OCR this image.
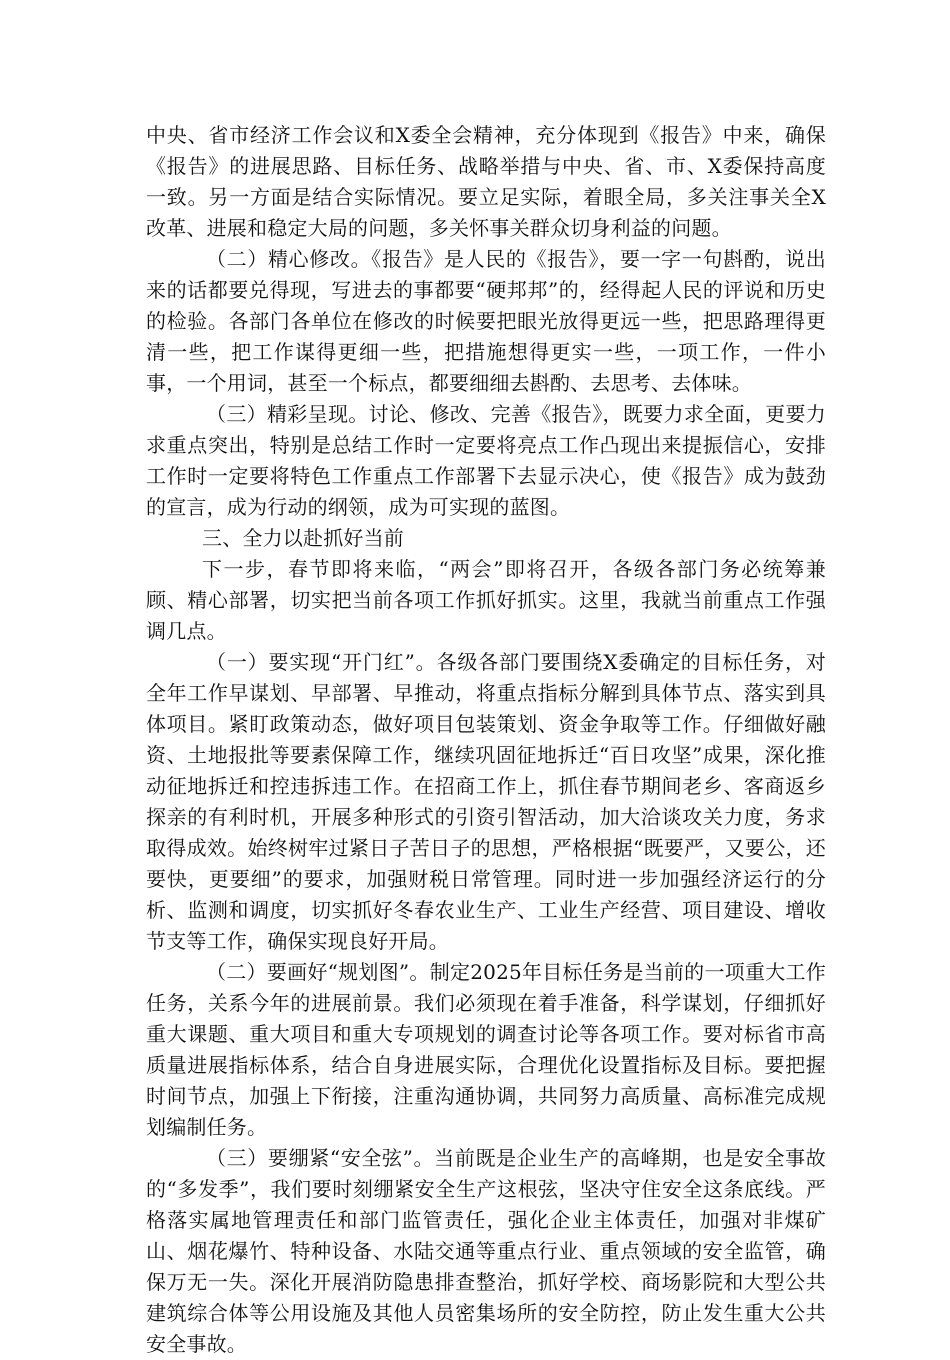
中央、省市经济工作会议和X委全会精神，充分体现到《报告》中来，确保《报告》的进展思路、目标任务、战略举措与中央、省、市、X委保持高度一致。另一方面是结合实际情况。要立足实际，着眼全局，多关注事关全X改革、进展和稳定大局的问题，多关怀事关群众切身利益的问题。

（二）精心修改。《报告》是人民的《报告》，要一字一句斟酌，说出来的话都要兑得现，写进去的事都要“硬邦邦”的，经得起人民的评说和历史的检验。各部门各单位在修改的时候要把眼光放得更远一些，把思路理得更清一些，把工作谋得更细一些，把措施想得更实一些，一项工作，一件小事，一个用词，甚至一个标点，都要细细去斟酌、去思考、去体味。

（三）精彩呈现。讨论、修改、完善《报告》，既要力求全面，更要力求重点突出，特别是总结工作时一定要将亮点工作凸现出来提振信心，安排工作时一定要将特色工作重点工作部署下去显示决心，使《报告》成为鼓劲的宣言，成为行动的纲领，成为可实现的蓝图。

三、全力以赴抓好当前

下一步，春节即将来临，“两会”即将召开，各级各部门务必统筹兼顾、精心部署，切实把当前各项工作抓好抓实。这里，我就当前重点工作强调几点。

（一）要实现“开门红”。各级各部门要围绕X委确定的目标任务，对全年工作早谋划、早部署、早推动，将重点指标分解到具体节点、落实到具体项目。紧盯政策动态，做好项目包装策划、资金争取等工作。仔细做好融资、土地报批等要素保障工作，继续巩固征地拆迁“百日攻坚”成果，深化推动征地拆迁和控违拆违工作。在招商工作上，抓住春节期间老乡、客商返乡探亲的有利时机，开展多种形式的引资引智活动，加大洽谈攻关力度，务求取得成效。始终树牢过紧日子苦日子的思想，严格根据“既要严，又要公，还要快，更要细”的要求，加强财税日常管理。同时进一步加强经济运行的分析、监测和调度，切实抓好冬春农业生产、工业生产经营、项目建设、增收节支等工作，确保实现良好开局。

（二）要画好“规划图”。制定2025年目标任务是当前的一项重大工作任务，关系今年的进展前景。我们必须现在着手准备，科学谋划，仔细抓好重大课题、重大项目和重大专项规划的调查讨论等各项工作。要对标省市高质量进展指标体系，结合自身进展实际，合理优化设置指标及目标。要把握时间节点，加强上下衔接，注重沟通协调，共同努力高质量、高标准完成规划编制任务。

（三）要绷紧“安全弦”。当前既是企业生产的高峰期，也是安全事故的“多发季”，我们要时刻绷紧安全生产这根弦，坚决守住安全这条底线。严格落实属地管理责任和部门监管责任，强化企业主体责任，加强对非煤矿山、烟花爆竹、特种设备、水陆交通等重点行业、重点领域的安全监管，确保万无一失。深化开展消防隐患排查整治，抓好学校、商场影院和大型公共建筑综合体等公用设施及其他人员密集场所的安全防控，防止发生重大公共安全事故。
